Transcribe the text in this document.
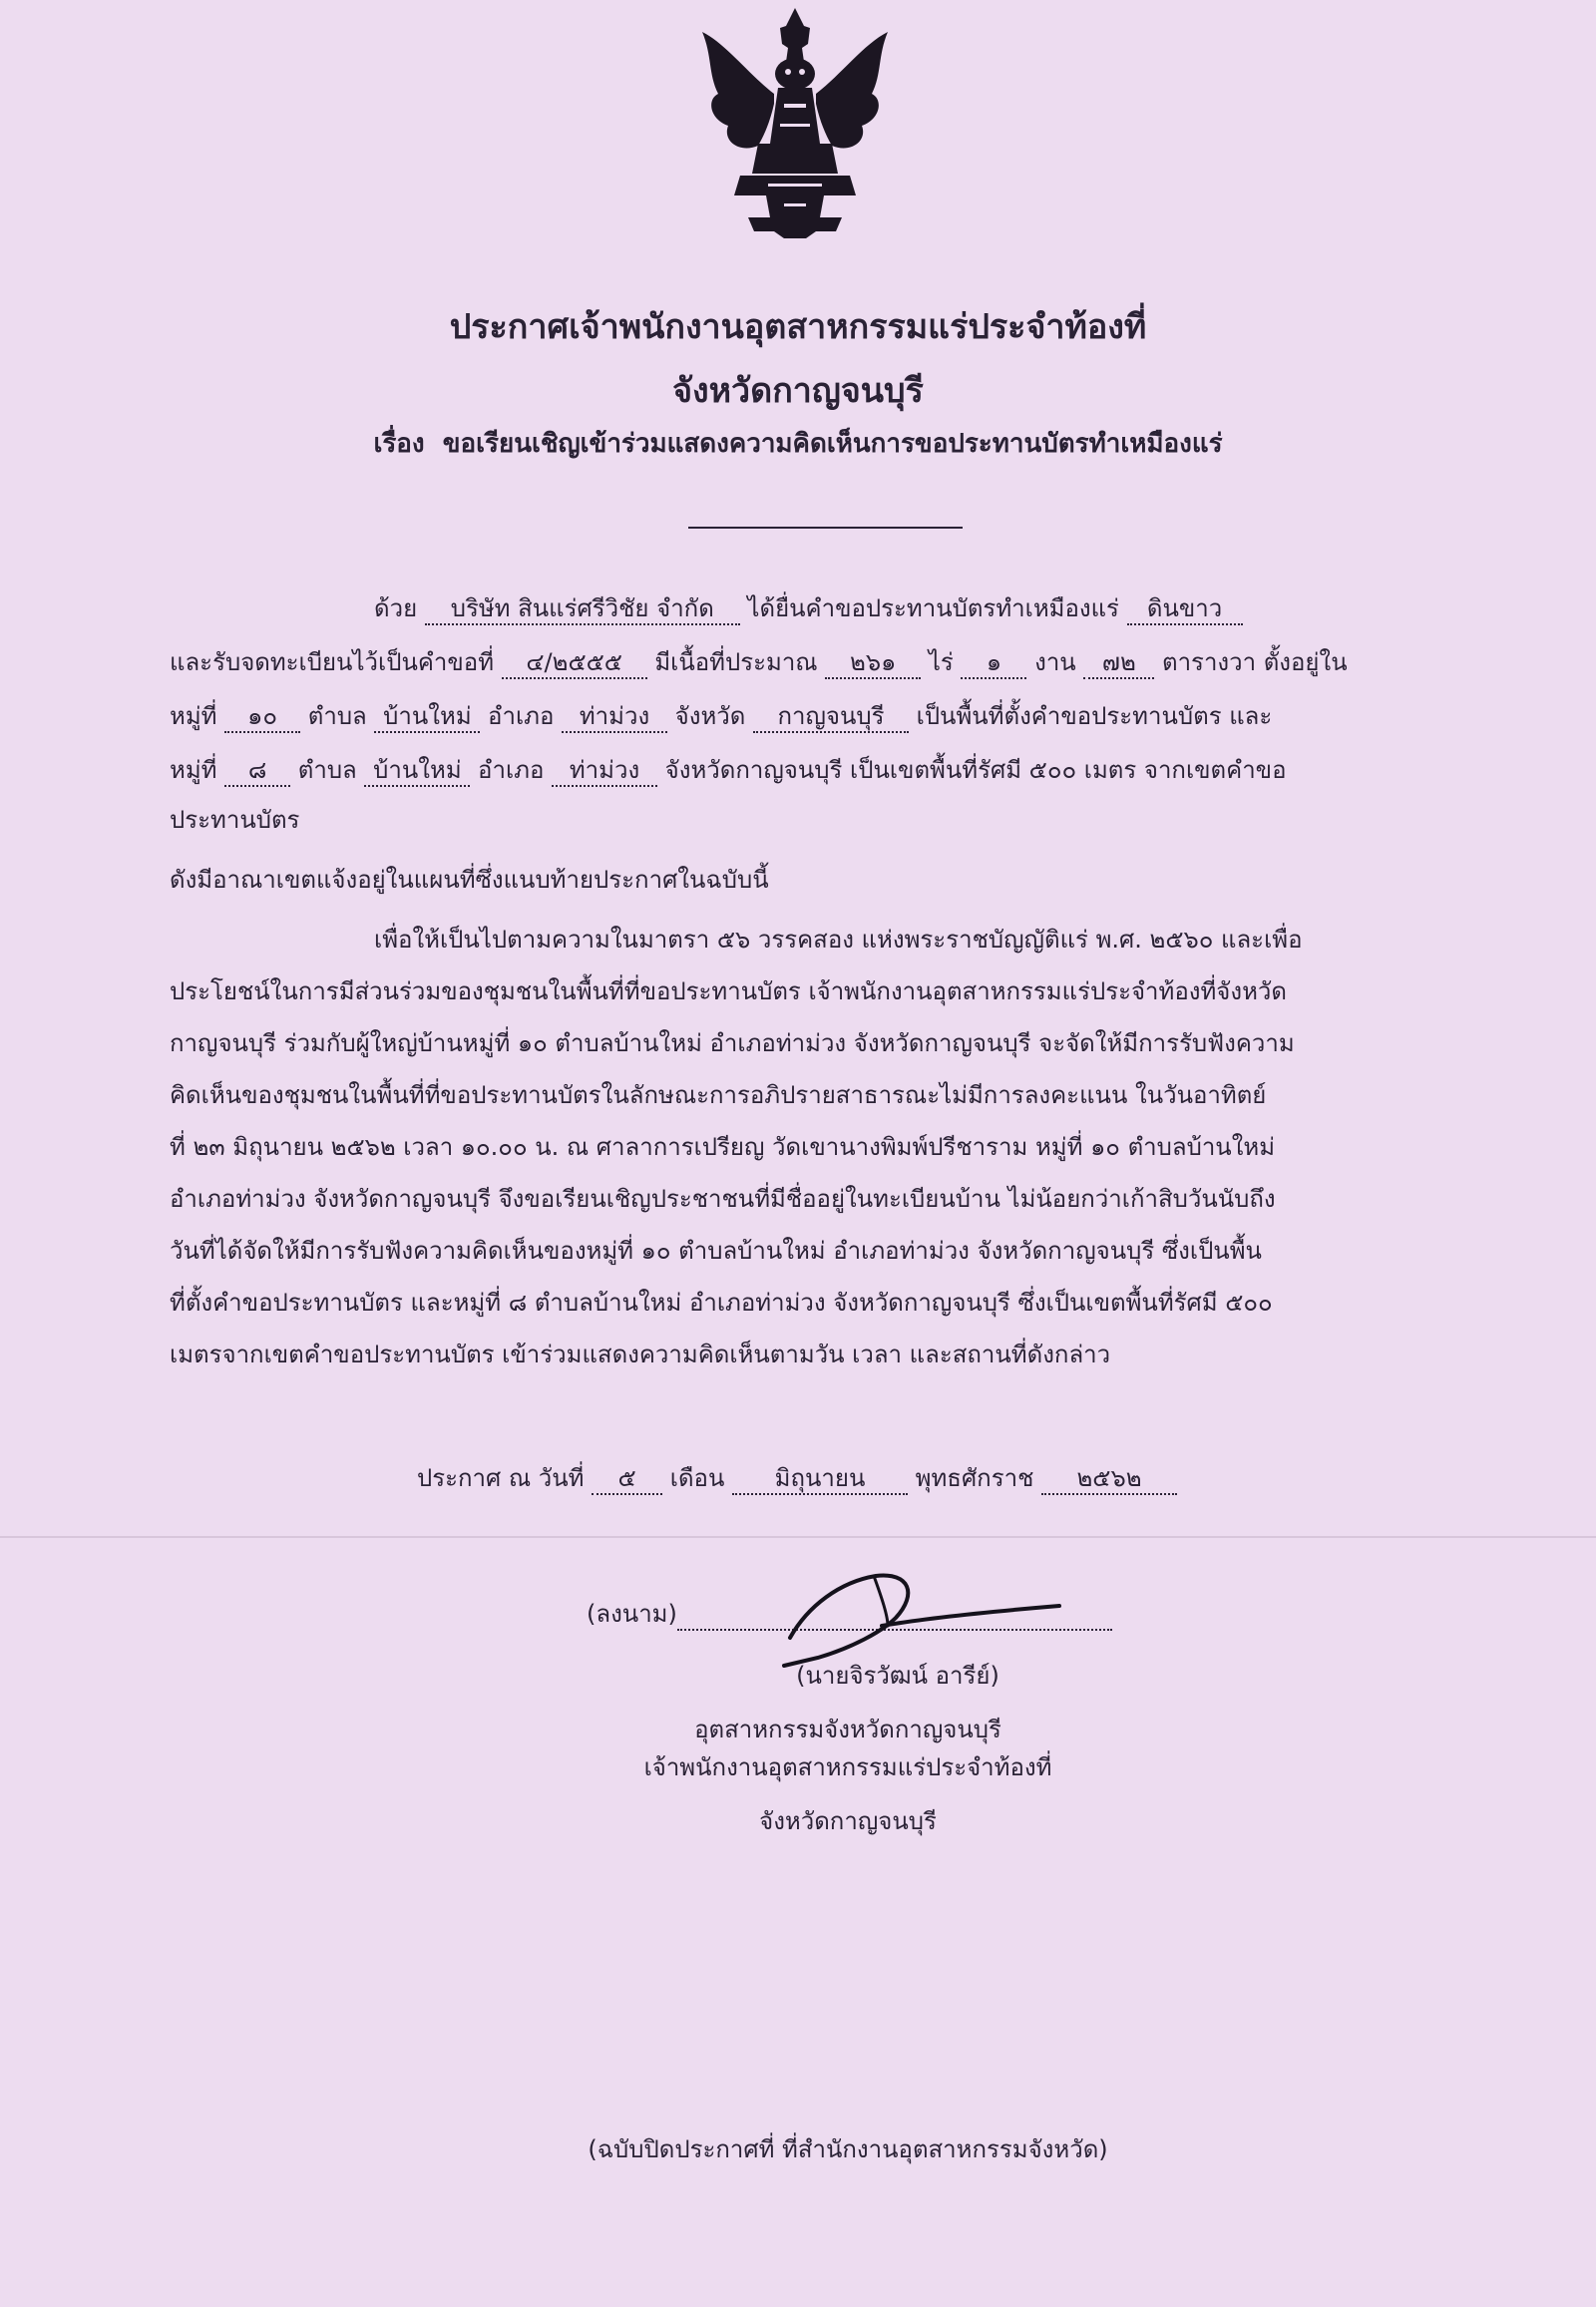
ประกาศเจ้าพนักงานอุตสาหกรรมแร่ประจำท้องที่
จังหวัดกาญจนบุรี
เรื่อง ขอเรียนเชิญเข้าร่วมแสดงความคิดเห็นการขอประทานบัตรทำเหมืองแร่
ด้วย บริษัท สินแร่ศรีวิชัย จำกัด ได้ยื่นคำขอประทานบัตรทำเหมืองแร่ ดินขาว
และรับจดทะเบียนไว้เป็นคำขอที่ ๔/๒๕๕๕ มีเนื้อที่ประมาณ ๒๖๑ ไร่ ๑ งาน ๗๒ ตารางวา ตั้งอยู่ใน
หมู่ที่ ๑๐ ตำบล บ้านใหม่ อำเภอ ท่าม่วง จังหวัด กาญจนบุรี เป็นพื้นที่ตั้งคำขอประทานบัตร และ
หมู่ที่ ๘ ตำบล บ้านใหม่ อำเภอ ท่าม่วง จังหวัดกาญจนบุรี เป็นเขตพื้นที่รัศมี ๕๐๐ เมตร จากเขตคำขอ
ประทานบัตร
ดังมีอาณาเขตแจ้งอยู่ในแผนที่ซึ่งแนบท้ายประกาศในฉบับนี้
เพื่อให้เป็นไปตามความในมาตรา ๕๖ วรรคสอง แห่งพระราชบัญญัติแร่ พ.ศ. ๒๕๖๐ และเพื่อ
ประโยชน์ในการมีส่วนร่วมของชุมชนในพื้นที่ที่ขอประทานบัตร เจ้าพนักงานอุตสาหกรรมแร่ประจำท้องที่จังหวัด
กาญจนบุรี ร่วมกับผู้ใหญ่บ้านหมู่ที่ ๑๐ ตำบลบ้านใหม่ อำเภอท่าม่วง จังหวัดกาญจนบุรี จะจัดให้มีการรับฟังความ
คิดเห็นของชุมชนในพื้นที่ที่ขอประทานบัตรในลักษณะการอภิปรายสาธารณะไม่มีการลงคะแนน ในวันอาทิตย์
ที่ ๒๓ มิถุนายน ๒๕๖๒ เวลา ๑๐.๐๐ น. ณ ศาลาการเปรียญ วัดเขานางพิมพ์ปรีชาราม หมู่ที่ ๑๐ ตำบลบ้านใหม่
อำเภอท่าม่วง จังหวัดกาญจนบุรี จึงขอเรียนเชิญประชาชนที่มีชื่ออยู่ในทะเบียนบ้าน ไม่น้อยกว่าเก้าสิบวันนับถึง
วันที่ได้จัดให้มีการรับฟังความคิดเห็นของหมู่ที่ ๑๐ ตำบลบ้านใหม่ อำเภอท่าม่วง จังหวัดกาญจนบุรี ซึ่งเป็นพื้น
ที่ตั้งคำขอประทานบัตร และหมู่ที่ ๘ ตำบลบ้านใหม่ อำเภอท่าม่วง จังหวัดกาญจนบุรี ซึ่งเป็นเขตพื้นที่รัศมี ๕๐๐
เมตรจากเขตคำขอประทานบัตร เข้าร่วมแสดงความคิดเห็นตามวัน เวลา และสถานที่ดังกล่าว
ประกาศ ณ วันที่ ๕ เดือน มิถุนายน พุทธศักราช ๒๕๖๒
(ลงนาม)
(นายจิรวัฒน์ อารีย์)
อุตสาหกรรมจังหวัดกาญจนบุรี
เจ้าพนักงานอุตสาหกรรมแร่ประจำท้องที่
จังหวัดกาญจนบุรี
(ฉบับปิดประกาศที่ ที่สำนักงานอุตสาหกรรมจังหวัด)
